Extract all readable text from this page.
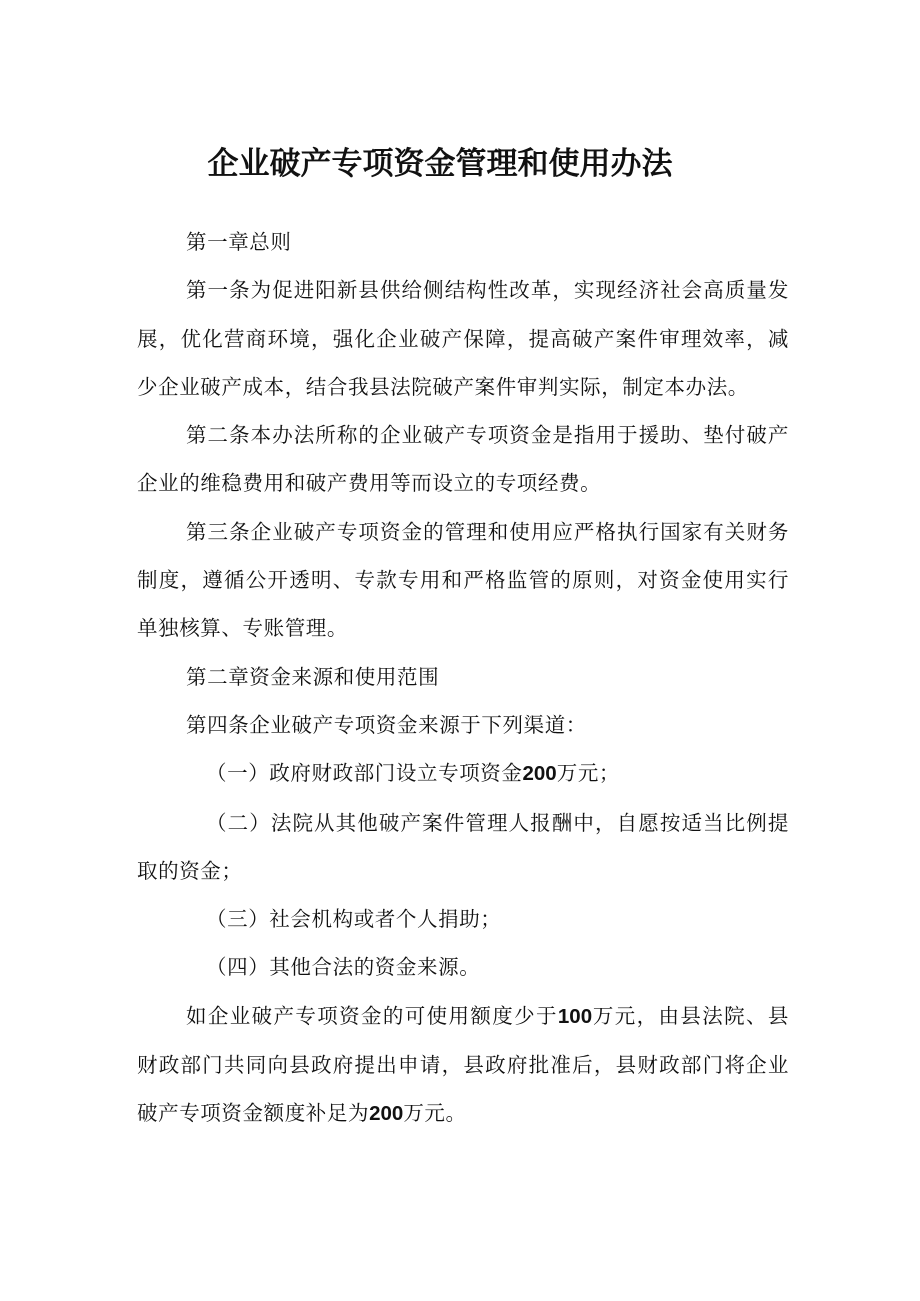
企业破产专项资金管理和使用办法

第一章总则

第一条为促进阳新县供给侧结构性改革，实现经济社会高质量发展，优化营商环境，强化企业破产保障，提高破产案件审理效率，减少企业破产成本，结合我县法院破产案件审判实际，制定本办法。

第二条本办法所称的企业破产专项资金是指用于援助、垫付破产企业的维稳费用和破产费用等而设立的专项经费。

第三条企业破产专项资金的管理和使用应严格执行国家有关财务制度，遵循公开透明、专款专用和严格监管的原则，对资金使用实行单独核算、专账管理。

第二章资金来源和使用范围

第四条企业破产专项资金来源于下列渠道：

（一）政府财政部门设立专项资金200万元；

（二）法院从其他破产案件管理人报酬中，自愿按适当比例提取的资金；

（三）社会机构或者个人捐助；

（四）其他合法的资金来源。

如企业破产专项资金的可使用额度少于100万元，由县法院、县财政部门共同向县政府提出申请，县政府批准后，县财政部门将企业破产专项资金额度补足为200万元。
